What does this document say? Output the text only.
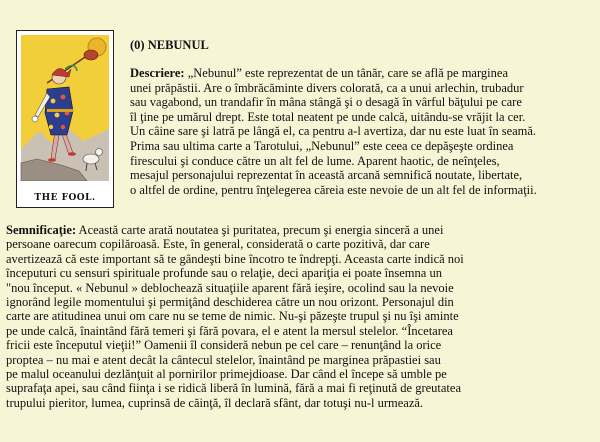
THE FOOL.
(0) NEBUNUL

Descriere: „Nebunul” este reprezentat de un tânăr, care se află pe marginea
unei prăpăstii. Are o îmbrăcăminte divers colorată, ca a unui arlechin, trubadur
sau vagabond, un trandafir în mâna stângă şi o desagă în vârful băţului pe care
îl ţine pe umărul drept. Este total neatent pe unde calcă, uitându-se vrăjit la cer.
Un câine sare şi latră pe lângă el, ca pentru a-l avertiza, dar nu este luat în seamă.
Prima sau ultima carte a Tarotului, „Nebunul” este ceea ce depăşeşte ordinea
firescului şi conduce către un alt fel de lume. Aparent haotic, de neînţeles,
mesajul personajului reprezentat în această arcană semnifică noutate, libertate,
o altfel de ordine, pentru înţelegerea căreia este nevoie de un alt fel de informaţii.

Semnificaţie: Această carte arată noutatea şi puritatea, precum şi energia sinceră a unei
persoane oarecum copilăroasă. Este, în general, considerată o carte pozitivă, dar care
avertizează că este important să te gândeşti bine încotro te îndrepţi. Aceasta carte indică noi
începuturi cu sensuri spirituale profunde sau o relaţie, deci apariţia ei poate însemna un
"nou început. « Nebunul » deblochează situaţiile aparent fără ieşire, ocolind sau la nevoie
ignorând legile momentului şi permiţând deschiderea către un nou orizont. Personajul din
carte are atitudinea unui om care nu se teme de nimic. Nu-şi păzeşte trupul şi nu îşi aminte
pe unde calcă, înaintând fără temeri şi fără povara, el e atent la mersul stelelor. “Încetarea
fricii este începutul vieţii!” Oamenii îl consideră nebun pe cel care – renunţând la orice
proptea – nu mai e atent decât la cântecul stelelor, înaintând pe marginea prăpastiei sau
pe malul oceanului dezlănţuit al pornirilor primejdioase. Dar când el începe să umble pe
suprafaţa apei, sau când fiinţa i se ridică liberă în lumină, fără a mai fi reţinută de greutatea
trupului pieritor, lumea, cuprinsă de căinţă, îl declară sfânt, dar totuşi nu-l urmează.
